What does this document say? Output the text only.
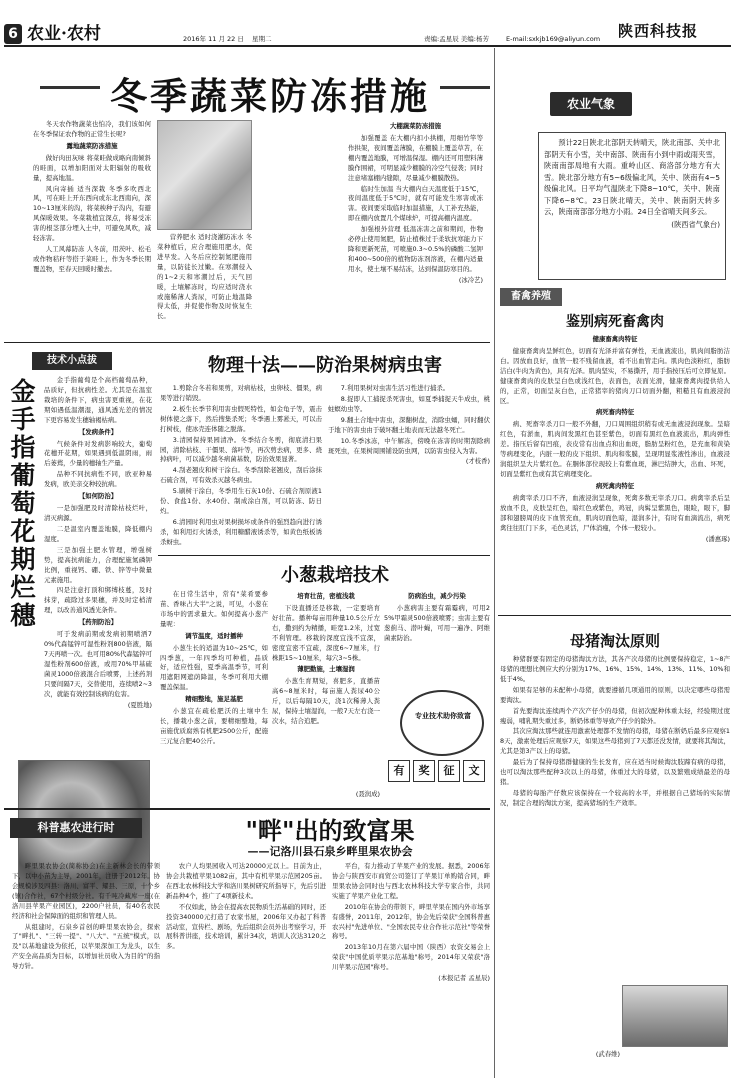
6 农业·农村	2016年 11 月 22 日 星期二	责编:孟星辰 美编:杨芳	E-mail:sxkjb169@aliyun.com 陕西科技报
冬季蔬菜防冻措施

冬天农作物蔬菜也怕冷，我们该如何在冬季保证农作物的正常生长呢?

露地蔬菜防冻措施

做好肉田灰味 将菜畦做成略向南倾斜的畦面，以增加阳面对太阳辐射的吸收量，提高地温。

风向寄插 适当深栽 冬季多吹西北风，可在畦上开东西向或东北西南向，深10~13厘米的沟，将菜秧种子沟内，有避风保暖效果。冬菜栽植宜深点，将易受冻害的根茎部分埋入土中，可避免风吹，减轻冻害。

人工风幕防冻 人冬前，用茨叶、松毛或作物秸秆等搭于菜畦上，作为冬季长期覆盖物，至春天回暖时撤去。

营养肥水 适时浇灌防冻水 冬菜种植后，应合理施用肥水，促进早发。入冬后应控制氮肥施用量，以防徒长过嫩。在寒潮侵入的1~2天和寒潮过后，天气回暖，土壤解冻时，均应适时浇水或施稀薄人粪尿，可防止地温降得太低，并促使作物及时恢复生长。

大棚蔬菜防冻措施

加强覆盖 在大棚内扣小拱棚，用细竹竿等作拱架，夜间覆盖薄膜，在棚膜上覆盖草苫，在棚内覆盖地膜，可增温保湿。棚内还可用塑料薄膜作围裙，可明显减少棚膜的冷空气侵袭；同时注意堵塞棚内缝隙，尽量减少棚膜散热。

临时生加温 当大棚内白天温度低于15℃，夜间温度低于5℃时，就有可能发生寒害或冻害。夜间要采取临时加温措施，人工补充热能，即在棚内放置几个煤球炉，可提高棚内温度。

加强根外营理 低温冻害之前和期间，作物必停止使用氮肥，防止植株过于柔软抗寒能力下降和更新死苗，可喷施0.3~0.5%的磷酸二氢钾和400~500倍的植物防冻剂溶液，在棚内适量用水，使土壤不易结冻，达到保温防寒目的。

(冰冷艺)
农业气象

预计22日陕北北部阴天转晴天，陕北南部、关中北部阴天有小雪，关中南部、陕南有小到中雨或雨夹雪，陕南南部局地有大雨。重岭山区、商洛部分地方有大雪。陕北部分地方有5~6级偏北风，关中、陕南有4~5级偏北风。日平均气温陕北下降8~10℃，关中、陕南下降6~8℃。23日陕北晴天，关中、陕南阴天转多云，陕南南部部分地方小雨。24日全省晴天间多云。

(陕西省气象台)
畜禽养殖
鉴别病死畜禽肉
健康畜禽肉特征

健康畜禽肉呈鲜红色，切面有光泽并富有弹性，无血液流出，肌肉间脂肪洁白。因放血良好，血管一般不残留血液，看不出血管走向。肌肉色淡粉红，脂肪洁白(牛肉为黄色)，具有光泽。肌肉坚实，不易撕开，用手指按压后可立即复原。健康畜禽肉的皮肤呈白色或浅红色，表面色，表面光滑，健康畜禽肉提供给人的，正常，切面呈灰白色，正常猪宰的猪肉刀口切面外翻，粗糙且有血液浸润区。

病死畜肉特征

病、死畜宰杀刀口一般不外翻，刀口周围组织稍有或无血液浸润现象。呈暗红色，有淤血，肌肉间发黑红色甚至紫色，切面有黑红色血液流出，肌肉弹性差。指压后留有凹痕，表皮常有出血点和出血斑，脂肪呈粉红色，是充血和黄染等病理变化，内脏一般的皮下组织、肌肉和浆膜，呈现明显浆液性渗出，血液浸润组织呈大片紫红色。在胴体部位现较上有紫血斑，淋巴结肿大，出血、坏死，切面呈紫红色或有其它病理变化。

病死禽肉特征

病禽宰杀刀口不齐，血液浸润呈现象，死禽多数无宰杀刀口。病禽宰杀后呈放血不良，皮肤呈红色，暗红色或紫色，鸡冠，肉髯呈紫黑色，眼睑，眼下，脚部和翅膀周的皮下血管充血，肌肉切面色暗，湿润多汁，有时有血滴流出，病死禽往往肛门下多，毛色灵活，尸体消瘦，个体一般较小。

(潘惠琢)
母猪淘汰原则

种猪群要有固定的母猪淘汰方法，其各产次母猪的比例要保持稳定，1~8产母猪的理想比例应大约分别为17%、16%、15%、14%、13%、11%、10%和低于4%。

如果有足够的未配种小母猪，就要遵循几项通用的原则，以决定哪些母猪需要淘汰。

首先要淘汰连续两个产次产仔少的母猪，但初次配种体重太轻，经验期过度瘦弱，哺乳期失重过多，断奶体重等导致产仔少的除外。

其次应淘汰那些就连用激素处理都不发情的母猪，母猪在断奶后最多应观察18天，激素处理后应观察7天，如果这些母猪到了7天都还没发情，就要将其淘汰，尤其是第3产以上的母猪。

最后为了保持母猪群健康的生长发育，应在适当时候淘汰肢蹄有病的母猪，也可以淘汰那些配种3次以上的母猪，体重过大的母猪，以及繁殖成绩最差的母猪。

母猪的每胎产仔数应该保持在一个较高的水平，并根据自己猪场的实际情况，制定合理的淘汰方案，提高猪场的生产效率。

(武春维)
技术小点拔
金手指葡萄花期烂穗

金手指葡萄是个高档葡萄品种，品质好，但抗病性差。尤其是在温室栽培的条件下，病虫害更重视，在花期如遇低温潮湿，通风透光差的情况下更容易发生穗轴褐枯病。

【发病条件】

气候条件对发病影响较大，葡萄花穗开花期，如果遇到低温阴雨，雨后萎蔫，少量的穗轴生产量。

品种不同抗病性不同，欧亚种易发病，欧美亲交种较抗病。

【如何防治】

一是加强肥及时清除枯枝烂叶，清灭病源。

二是温室内覆盖地膜，降低棚内湿度。

三是加强土肥水管理，增强树势，提高抗病能力，合理配施氮磷钾比例，重视钙、硼、铁、锌等中微量元素施用。

四是注意打顶和绑缚枝蔓，及时抹芽，疏除过多果穗，并及时定梢清理，以改善通风透光条件。

【药剂防治】

可于发病前期或发病初期喷洒70%代森锰锌可湿性粉剂800倍液，隔7天再喷一次。也可用80%代森锰锌可湿性粉剂600倍液，或用70%甲基硫菌灵1000倍液混合后喷雾，上述药剂只要间隔7天，交替使用，连续喷2~3次，就能有效控制该病的危害。

(夏胜地)
物理十法——防治果树病虫害

1.剪除合冬若和果剪，对病枯枝，虫卵枝、僵果，病果等进行销毁。

2.板生长季节利用害虫假死特性，如金龟子等，震击树体使之落下，然后搜集杀死；冬季遇上雾凇天，可以击打树枝，使冰壳连体随之脱落。

3.清园保持果园清净。冬季结合冬剪，彻底清扫果园，清除枯枝、干僵果、落叶等，再次剪去病，更多、烧掉病叶，可以减少越冬病菌基数，防治效果显著。

4.刮老翘皮和树干涂白。冬季刮除老翘皮，刮后涂抹石硫合剂，可有效杀灭越冬病虫。

5.刷树干涂白，冬季用生石灰10份、石硫合剂原液1份、食盐1份、水40份、制成涂白剂，可以防冻、防日灼。

6.清园时利用虫对果树损坏或条件的强烈趋向进行诱杀，如利用灯火诱杀，利用糖醋液诱杀等，如黄色纸板诱杀蚜虫。

7.利用果树对虫害生活习性进行捕杀。

8.捉即人工捕捉杀死害虫，如夏季捕捉天牛成虫，桃蛀螟幼虫等。

9.翻土合地中害虫，深翻树盘，消除虫蛹，同时翻伏于地下的害虫由于破坏翻土地表而无法越冬死亡。

10.冬季冰冻，中午解冻，傍晚在冻害的时期刮除病斑死虫，在果树周围铺设防虫网，以防害虫侵入为害。

(才枝香)
小葱栽培技术

在日常生活中，常有"菜肴要参苗、香味占大半"之说，可见，小葱在市场中的需求量大。如何提高小葱产量呢：

调节温度，适时播种

小葱生长的适温为10~25℃，如四季葱，一年四季均可种植，品质好，适应性强，夏季高温季节，可利用遮阳网遮荫降温，冬季可利用大棚覆盖保温。

精细整地，施足基肥

小葱宜在疏松肥沃的土壤中生长，播栽小葱之前，要精细整地，每亩施优质腐熟有机肥2500公斤，配施三元复合肥40公斤。

培育壮苗，密植浅栽

下设直播还是移栽，一定要培育好壮苗。播种每亩用种量10.5公斤左右，撒到约为精播，畦宽1.2米，过宽不利管理。移栽的深度宜浅不宜深，密度宜密不宜疏，深度6~7厘米，行株距15~10厘米，每穴3~5株。

薄肥勤施，土壤湿润

小葱生育期短，喜肥多，直播苗高6~8厘米时，每亩施人粪尿40公斤，以后每隔10天，浇1次稀薄人粪尿，保持土壤湿润，一般7天左右浇一次水，结合追肥。

防病治虫，减少污染

小葱病害主要有霜霉病，可用25%甲霜灵500倍液喷雾；虫害主要有葱蓟马、潜叶蝇，可用一遍净、阿维菌素防治。

专业技术助你致富
有	奖	征	文
(聂润成)
科普惠农进行时	"畔"出的致富果
——记洛川县石泉乡畔里果农协会

畔里果农协会(简称协会)在主新林会长的带领下，以中小苗为主导，2001年，注册于2012年。协会规模涉及四县：洛川、富平、耀县、三原，十个乡(镇)合作社，67个村级分社。有千吨冷藏库一座(在洛川县苹果产业园区)，2200户社员，有40名农民经济和社会保障面的组织和管理人员。

从组建时，石泉乡首创的畔里果农协会，探索了"畔扎"、"三转一提"、"八大"、"五统"模式，以及"以基地建设为依托，以苹果深加工为龙头，以生产安全高品质为目标，以增加社员收入为目的"的指导方针。

农户人均果园收入可达20000元以上。目前为止，协会共栽植苹果1082亩，其中有机苹果示范园205亩。在西北农林科技大学和洛川果树研究所指导下，先后引进新品种4个，推广了4项新技术。

不仅如此，协会在提高农民物质生活基础的同时，还投资340000元打造了农家书屋，2006年又办起了科普活动室，宣传栏、剧场，先后组织会员外出考察学习，开展科普讲座，技术培训，累计34次，培训人次达3120之多。

平台，有力推动了苹果产业的发展。据悉，2006年协会与陕西安市商贸公司签订了苹果订单购销合同，畔里果农协会同时也与西北农林科技大学专家合作，共同实施了苹果产业化工程。

2010年在协会的带领下，畔里苹果在国内外市场享有盛誉，2011年，2012年，协会先后荣获"全国科普惠农兴村"先进单位、"全国农民专业合作社示范社"等荣誉称号。

2013年10月在第六届中国（陕西）农资交易会上荣获"中国优质苹果示范基地"称号，2014年又荣获"洛川苹果示范园"称号。

(本报记者 孟星辰)
